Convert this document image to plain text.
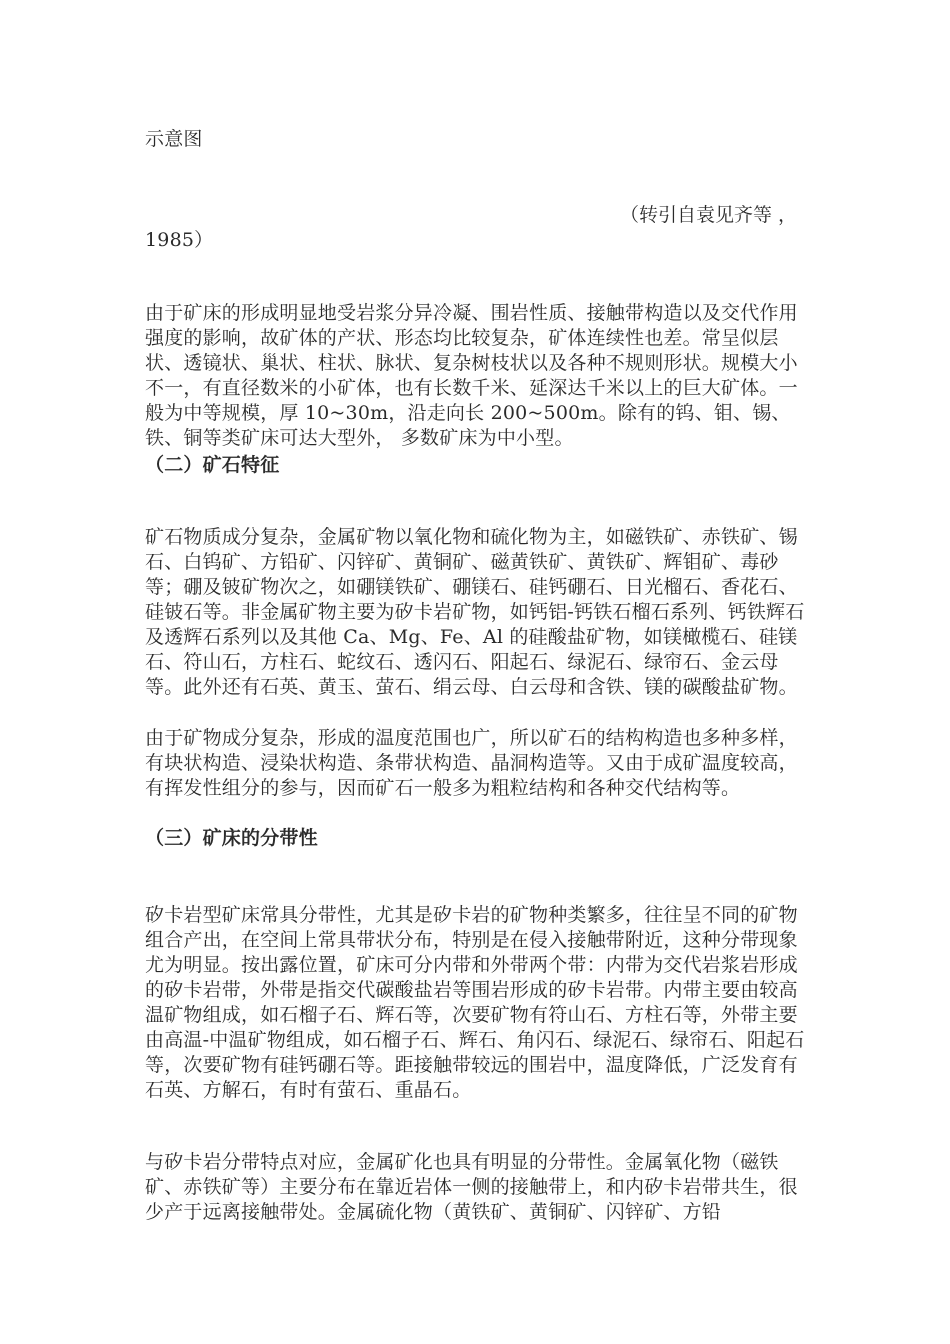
示意图
（转引自袁见齐等 ，
1985）
由于矿床的形成明显地受岩浆分异冷凝、围岩性质、接触带构造以及交代作用强度的影响，故矿体的产状、形态均比较复杂，矿体连续性也差。常呈似层状、透镜状、巢状、柱状、脉状、复杂树枝状以及各种不规则形状。规模大小不一，有直径数米的小矿体，也有长数千米、延深达千米以上的巨大矿体。一般为中等规模，厚 10~30m，沿走向长 200~500m。除有的钨、钼、锡、铁、铜等类矿床可达大型外， 多数矿床为中小型。
（二）矿石特征
矿石物质成分复杂，金属矿物以氧化物和硫化物为主，如磁铁矿、赤铁矿、锡石、白钨矿、方铅矿、闪锌矿、黄铜矿、磁黄铁矿、黄铁矿、辉钼矿、毒砂等；硼及铍矿物次之，如硼镁铁矿、硼镁石、硅钙硼石、日光榴石、香花石、硅铍石等。非金属矿物主要为矽卡岩矿物，如钙铝-钙铁石榴石系列、钙铁辉石及透辉石系列以及其他 Ca、Mg、Fe、Al 的硅酸盐矿物，如镁橄榄石、硅镁石、符山石，方柱石、蛇纹石、透闪石、阳起石、绿泥石、绿帘石、金云母等。此外还有石英、黄玉、萤石、绢云母、白云母和含铁、镁的碳酸盐矿物。
由于矿物成分复杂，形成的温度范围也广，所以矿石的结构构造也多种多样，有块状构造、浸染状构造、条带状构造、晶洞构造等。又由于成矿温度较高，有挥发性组分的参与，因而矿石一般多为粗粒结构和各种交代结构等。
（三）矿床的分带性
矽卡岩型矿床常具分带性，尤其是矽卡岩的矿物种类繁多，往往呈不同的矿物组合产出，在空间上常具带状分布，特别是在侵入接触带附近，这种分带现象尤为明显。按出露位置，矿床可分内带和外带两个带：内带为交代岩浆岩形成的矽卡岩带，外带是指交代碳酸盐岩等围岩形成的矽卡岩带。内带主要由较高温矿物组成，如石榴子石、辉石等，次要矿物有符山石、方柱石等，外带主要由高温-中温矿物组成，如石榴子石、辉石、角闪石、绿泥石、绿帘石、阳起石等，次要矿物有硅钙硼石等。距接触带较远的围岩中，温度降低，广泛发育有石英、方解石，有时有萤石、重晶石。
与矽卡岩分带特点对应，金属矿化也具有明显的分带性。金属氧化物（磁铁矿、赤铁矿等）主要分布在靠近岩体一侧的接触带上，和内矽卡岩带共生，很少产于远离接触带处。金属硫化物（黄铁矿、黄铜矿、闪锌矿、方铅
